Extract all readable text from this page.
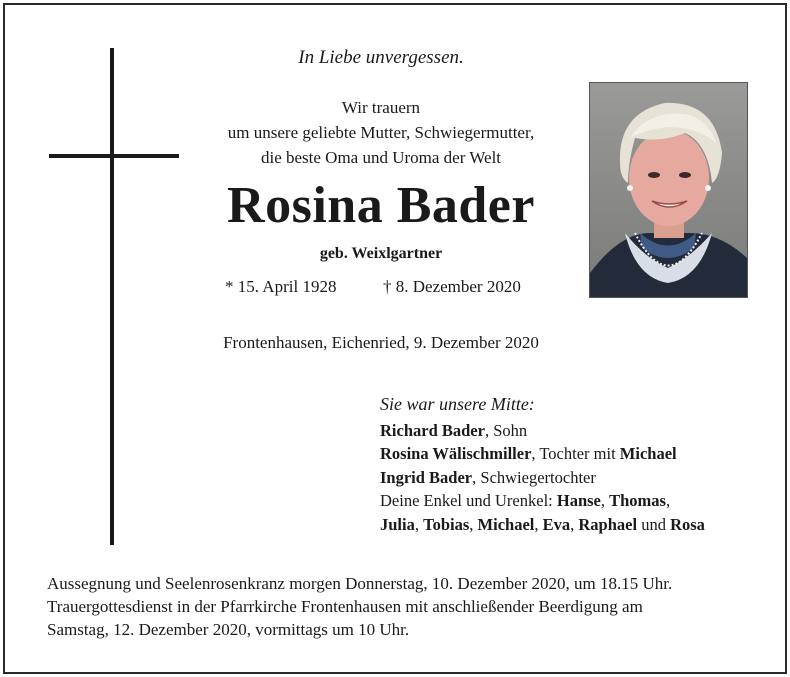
In Liebe unvergessen.
Wir trauern
um unsere geliebte Mutter, Schwiegermutter,
die beste Oma und Uroma der Welt
Rosina Bader
geb. Weixlgartner
* 15. April 1928	† 8. Dezember 2020
Frontenhausen, Eichenried, 9. Dezember 2020
Sie war unsere Mitte:
Richard Bader, Sohn
Rosina Wälischmiller, Tochter mit Michael
Ingrid Bader, Schwiegertochter
Deine Enkel und Urenkel: Hanse, Thomas,
Julia, Tobias, Michael, Eva, Raphael und Rosa
Aussegnung und Seelenrosenkranz morgen Donnerstag, 10. Dezember 2020, um 18.15 Uhr.
Trauergottesdienst in der Pfarrkirche Frontenhausen mit anschließender Beerdigung am
Samstag, 12. Dezember 2020, vormittags um 10 Uhr.
